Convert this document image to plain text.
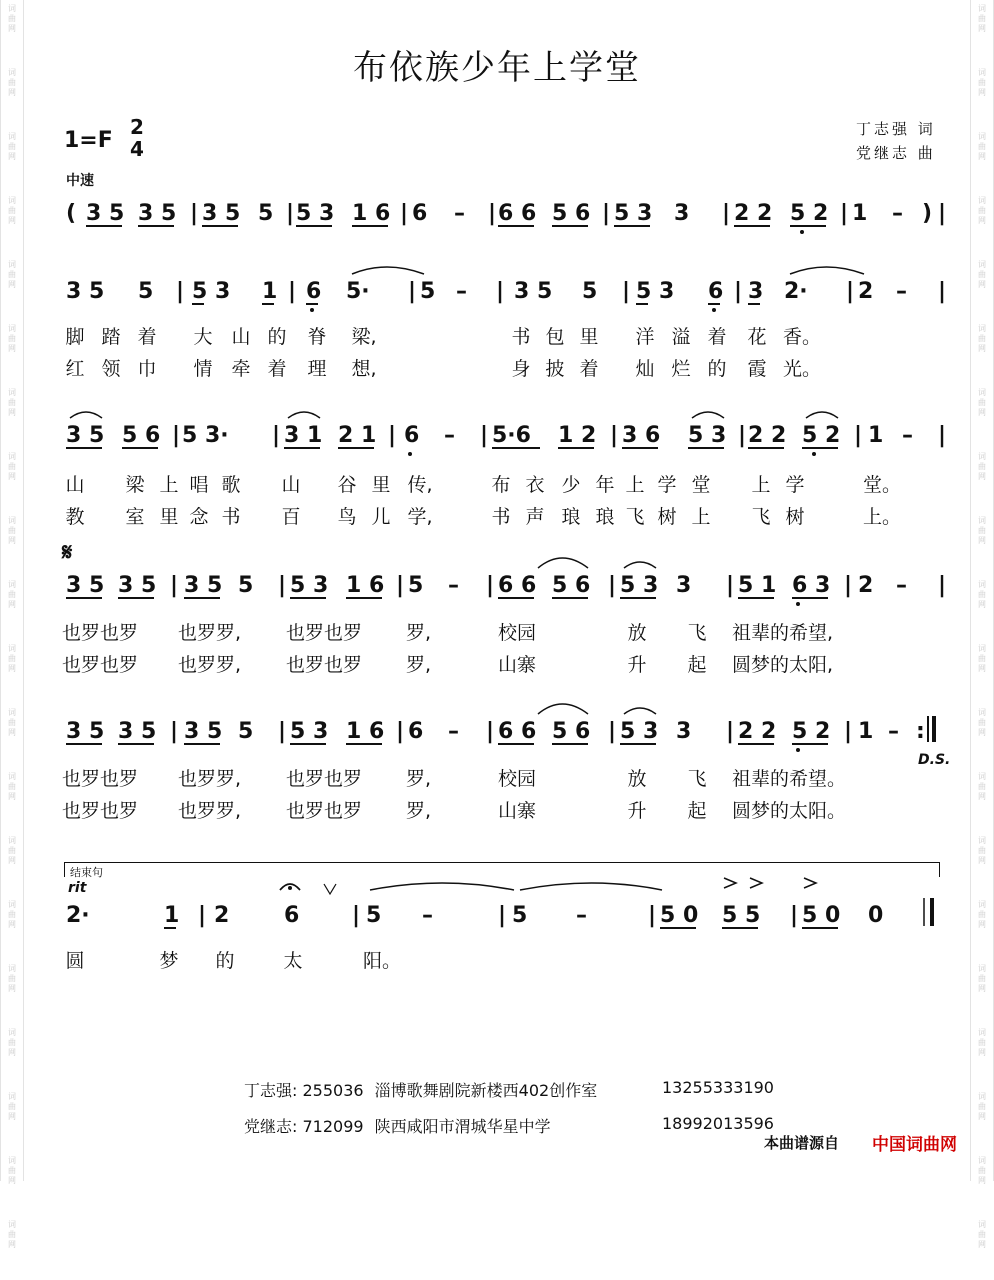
词
曲
网
词
曲
网
词
曲
网
词
曲
网
词
曲
网
词
曲
网
词
曲
网
词
曲
网
词
曲
网
词
曲
网
词
曲
网
词
曲
网
词
曲
网
词
曲
网
词
曲
网
词
曲
网
词
曲
网
词
曲
网
词
曲
网
词
曲
网
词
曲
网
词
曲
网
词
曲
网
词
曲
网
词
曲
网
词
曲
网
词
曲
网
词
曲
网
词
曲
网
词
曲
网
词
曲
网
词
曲
网
词
曲
网
词
曲
网
词
曲
网
词
曲
网
词
曲
网
词
曲
网
词
曲
网
词
曲
网
布依族少年上学堂
1=F
2
4
丁志强 词
党继志 曲
中速
( 3 5 3 5 | 3 5 5 | 5 3 1 6 | 6 – | 6 6 5 6 | 5 3 3 | 2 2 5 2 | 1 – ) |
3 5 5 | 5 3 1 | 6 5· | 5 – | 3 5 5 | 5 3 6 | 3 2· | 2 – |
脚 踏 着 大 山 的 脊	梁,	书 包 里 洋 溢 着 花 香。
红 领 巾 情 牵 着 理	想,	身 披 着 灿 烂 的 霞 光。
3 5 5 6 | 5 3· | 3 1 2 1 | 6 – | 5·6 1 2 | 3 6 5 3 | 2 2 5 2 | 1 – |
山 梁 上 唱 歌 山 谷 里 传,	布 衣 少 年 上 学 堂 上 学	堂。
教 室 里 念 书 百 鸟 儿 学,	书 声 琅 琅 飞 树 上 飞 树	上。
𝄋
3 5 3 5 | 3 5 5 | 5 3 1 6 | 5 – | 6 6 5 6 | 5 3 3 | 5 1 6 3 | 2 – |
也罗也罗	也罗罗,	也罗也罗	罗,	校园	放 飞 祖辈的希望,
也罗也罗	也罗罗,	也罗也罗	罗,	山寨	升 起 圆梦的太阳,
3 5 3 5 | 3 5 5 | 5 3 1 6 | 6 – | 6 6 5 6 | 5 3 3 | 2 2 5 2 | 1 – :
D.S.
也罗也罗	也罗罗,	也罗也罗	罗,	校园	放 飞 祖辈的希望。
也罗也罗	也罗罗,	也罗也罗	罗,	山寨	升 起 圆梦的太阳。
结束句
rit
2·	1 | 2 6 | 5 –	| 5 –	| 5 0 5 5 | 5 0 0
圆	梦 的	太	阳。
丁志强: 255036 淄博歌舞剧院新楼西402创作室	13255333190
党继志: 712099 陕西咸阳市渭城华星中学	18992013596
本曲谱源自 中国词曲网
